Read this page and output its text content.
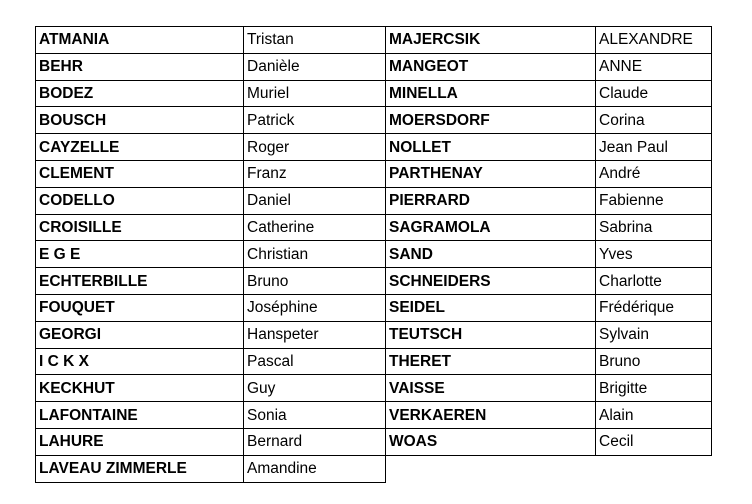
ATMANIA	Tristan	MAJERCSIK	ALEXANDRE
BEHR	Danièle	MANGEOT	ANNE
BODEZ	Muriel	MINELLA	Claude
BOUSCH	Patrick	MOERSDORF	Corina
CAYZELLE	Roger	NOLLET	Jean Paul
CLEMENT	Franz	PARTHENAY	André
CODELLO	Daniel	PIERRARD	Fabienne
CROISILLE	Catherine	SAGRAMOLA	Sabrina
E G E	Christian	SAND	Yves
ECHTERBILLE	Bruno	SCHNEIDERS	Charlotte
FOUQUET	Joséphine	SEIDEL	Frédérique
GEORGI	Hanspeter	TEUTSCH	Sylvain
I C K X	Pascal	THERET	Bruno
KECKHUT	Guy	VAISSE	Brigitte
LAFONTAINE	Sonia	VERKAEREN	Alain
LAHURE	Bernard	WOAS	Cecil
LAVEAU ZIMMERLE	Amandine		
